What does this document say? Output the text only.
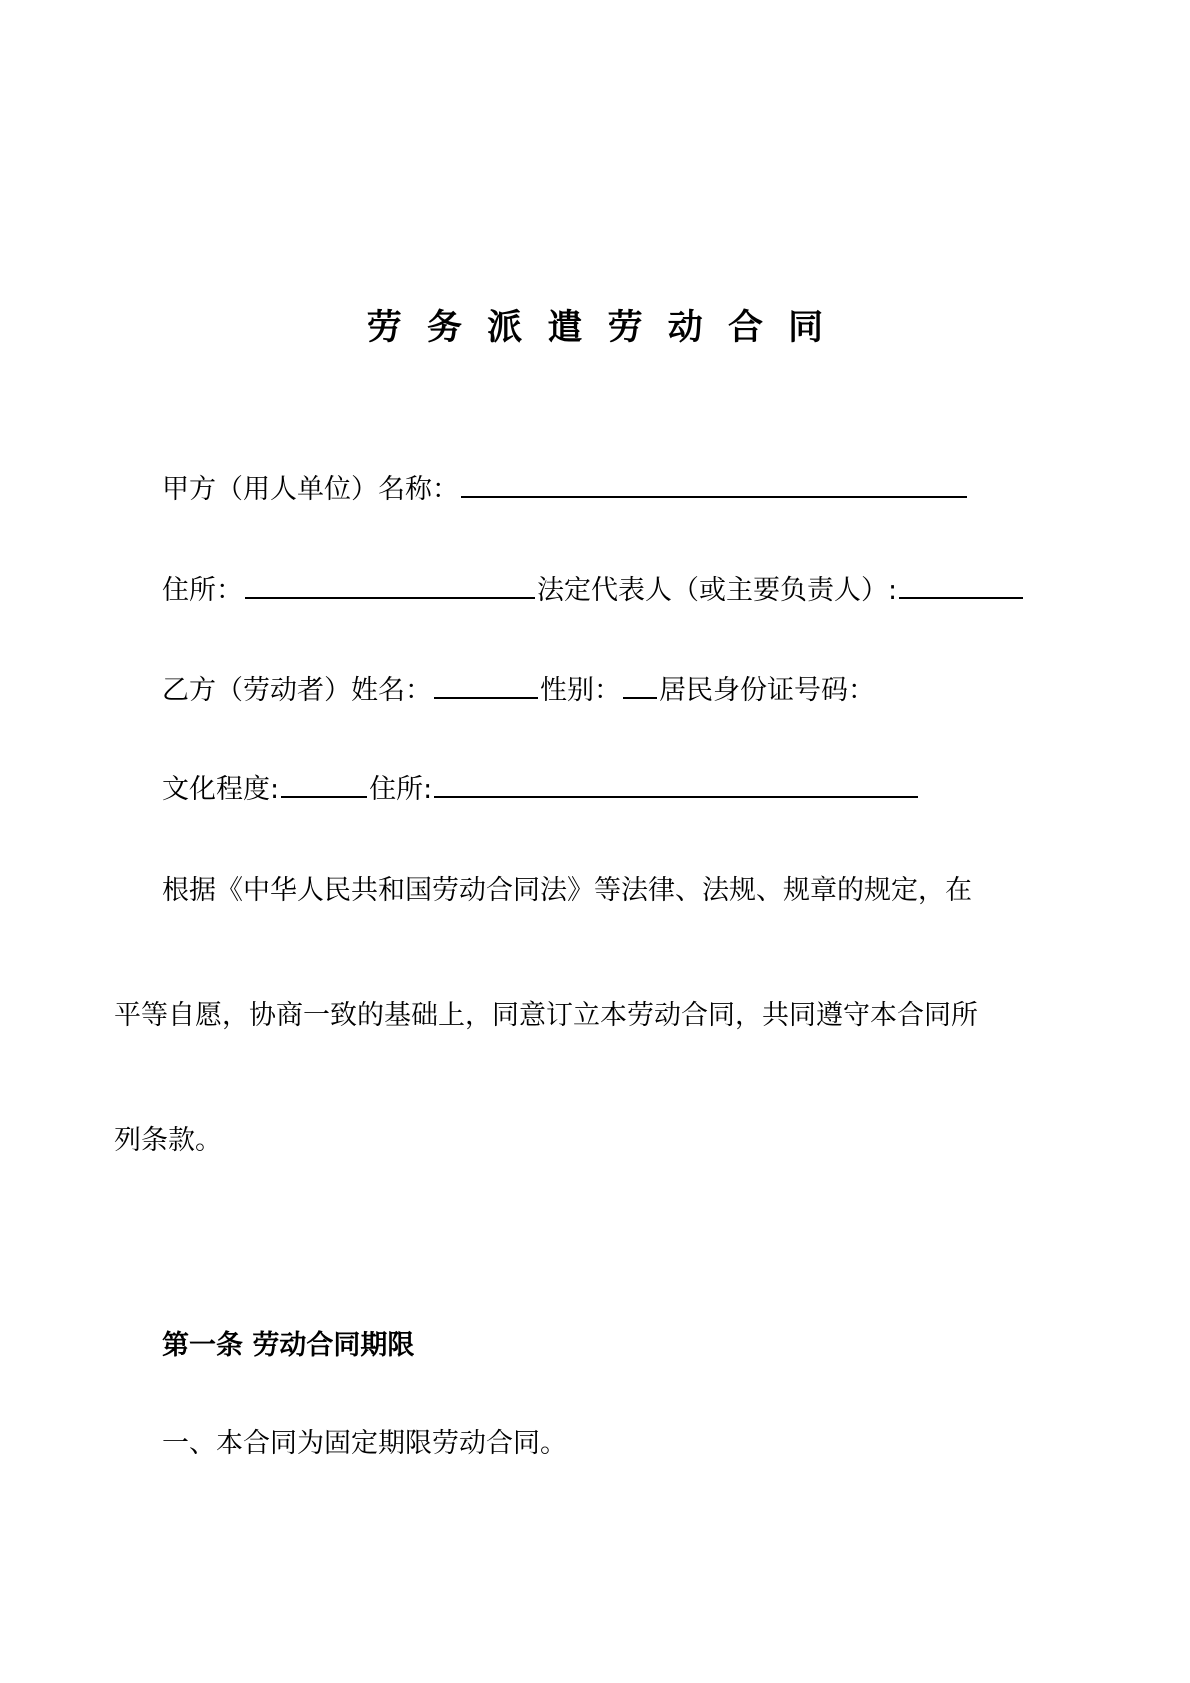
劳务派遣劳动合同
甲方（用人单位）名称：
住所：	法定代表人（或主要负责人）:
乙方（劳动者）姓名：	性别： 居民身份证号码：
文化程度:	住所:
根据《中华人民共和国劳动合同法》等法律、法规、规章的规定，在
平等自愿，协商一致的基础上，同意订立本劳动合同，共同遵守本合同所
列条款。
第一条 劳动合同期限
一、本合同为固定期限劳动合同。
